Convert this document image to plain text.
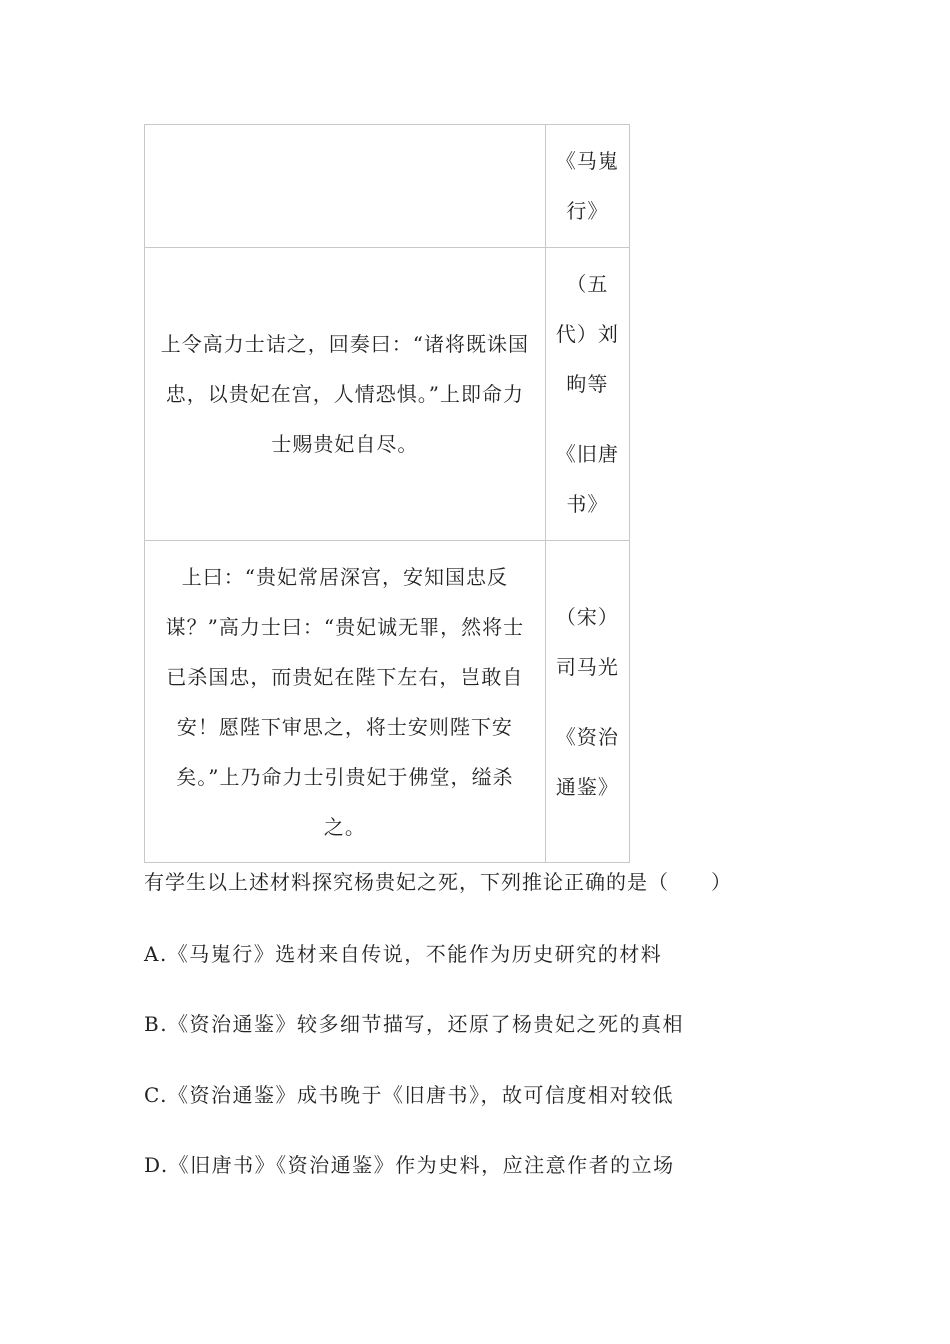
	《马嵬
行》

上令高力士诘之，回奏曰：“诸将既诛国忠，以贵妃在宫，人情恐惧。”上即命力士赐贵妃自尽。	（五
代）刘
昫等
《旧唐
书》

上曰：“贵妃常居深宫，安知国忠反谋？”高力士曰：“贵妃诚无罪，然将士已杀国忠，而贵妃在陛下左右，岂敢自安！愿陛下审思之，将士安则陛下安矣。”上乃命力士引贵妃于佛堂，缢杀之。	（宋）
司马光
《资治
通鉴》
有学生以上述材料探究杨贵妃之死，下列推论正确的是（　　）
A.《马嵬行》选材来自传说，不能作为历史研究的材料
B.《资治通鉴》较多细节描写，还原了杨贵妃之死的真相
C.《资治通鉴》成书晚于《旧唐书》，故可信度相对较低
D.《旧唐书》《资治通鉴》作为史料，应注意作者的立场
